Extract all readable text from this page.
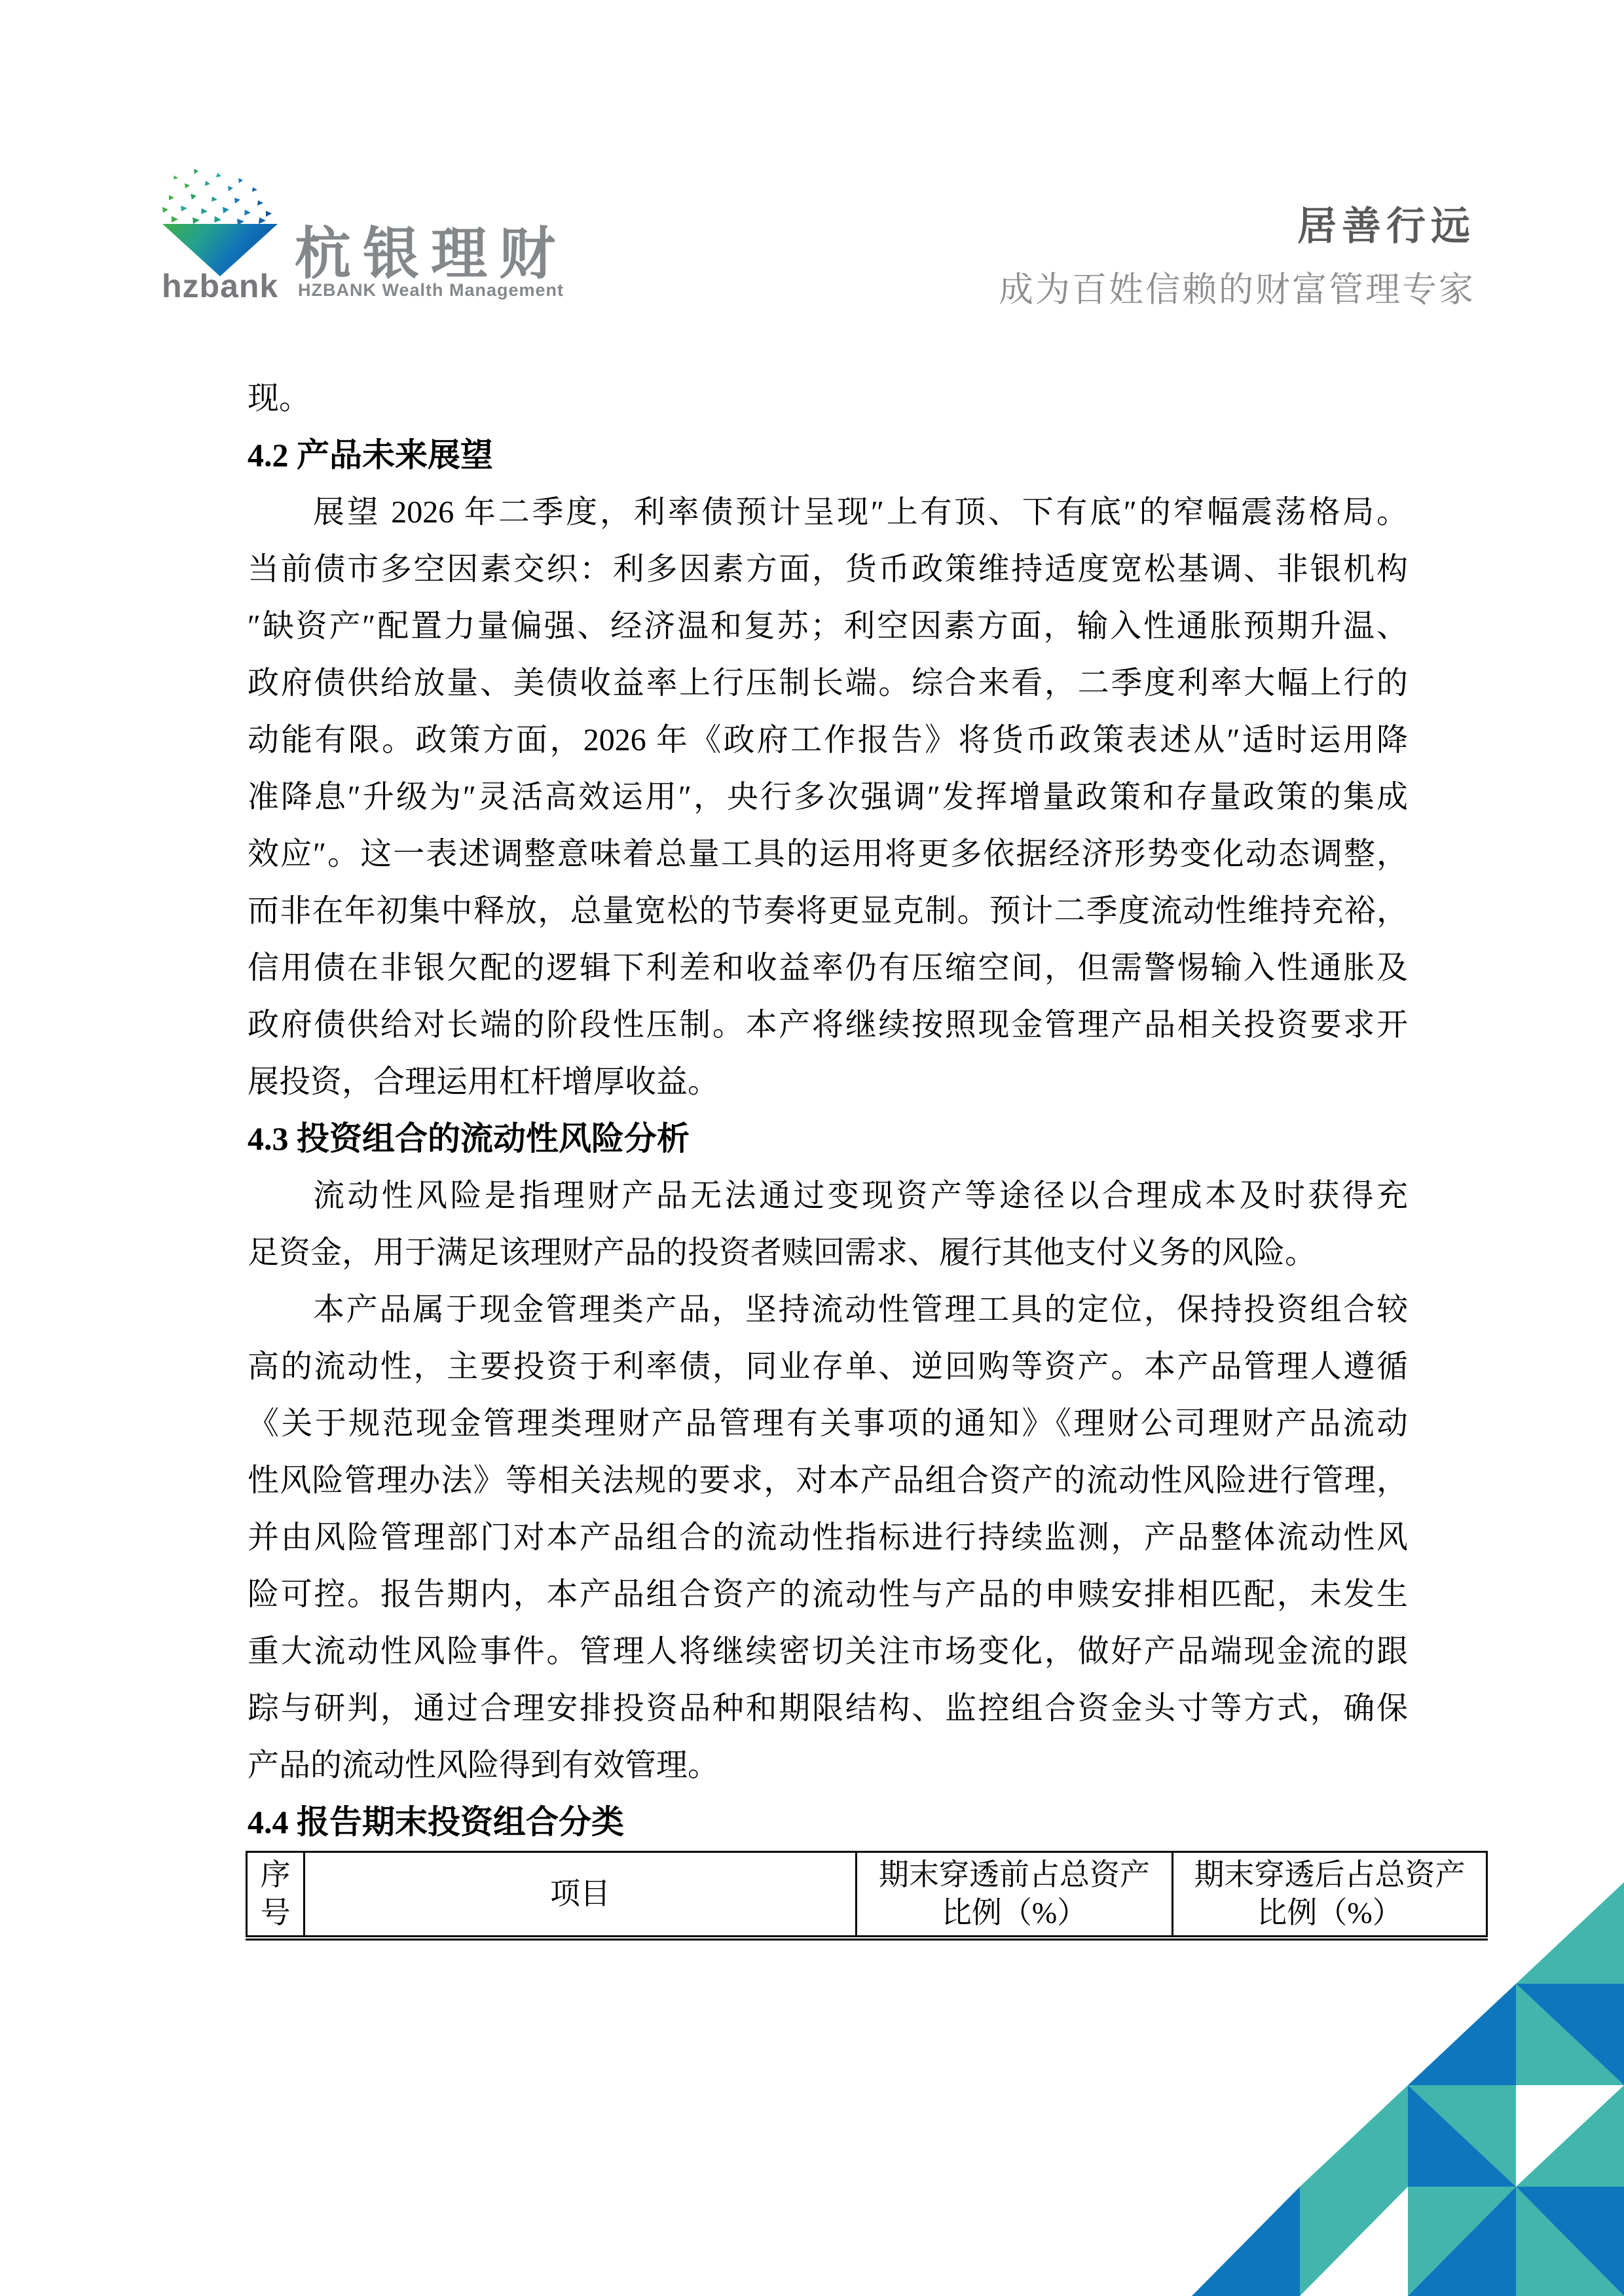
hzbank
杭银理财
HZBANK Wealth Management
居善行远
成为百姓信赖的财富管理专家
现。
4.2 产品未来展望
展望 2026 年二季度，利率债预计呈现″上有顶、下有底″的窄幅震荡格局。
当前债市多空因素交织：利多因素方面，货币政策维持适度宽松基调、非银机构
″缺资产″配置力量偏强、经济温和复苏；利空因素方面，输入性通胀预期升温、
政府债供给放量、美债收益率上行压制长端。综合来看，二季度利率大幅上行的
动能有限。政策方面，2026 年《政府工作报告》将货币政策表述从″适时运用降
准降息″升级为″灵活高效运用″，央行多次强调″发挥增量政策和存量政策的集成
效应″。这一表述调整意味着总量工具的运用将更多依据经济形势变化动态调整，
而非在年初集中释放，总量宽松的节奏将更显克制。预计二季度流动性维持充裕，
信用债在非银欠配的逻辑下利差和收益率仍有压缩空间，但需警惕输入性通胀及
政府债供给对长端的阶段性压制。本产将继续按照现金管理产品相关投资要求开
展投资，合理运用杠杆增厚收益。
4.3 投资组合的流动性风险分析
流动性风险是指理财产品无法通过变现资产等途径以合理成本及时获得充
足资金，用于满足该理财产品的投资者赎回需求、履行其他支付义务的风险。
本产品属于现金管理类产品，坚持流动性管理工具的定位，保持投资组合较
高的流动性，主要投资于利率债，同业存单、逆回购等资产。本产品管理人遵循
《关于规范现金管理类理财产品管理有关事项的通知》《理财公司理财产品流动
性风险管理办法》等相关法规的要求，对本产品组合资产的流动性风险进行管理，
并由风险管理部门对本产品组合的流动性指标进行持续监测，产品整体流动性风
险可控。报告期内，本产品组合资产的流动性与产品的申赎安排相匹配，未发生
重大流动性风险事件。管理人将继续密切关注市场变化，做好产品端现金流的跟
踪与研判，通过合理安排投资品种和期限结构、监控组合资金头寸等方式，确保
产品的流动性风险得到有效管理。
4.4 报告期末投资组合分类
序号	项目	期末穿透前占总资产比例（%）	期末穿透后占总资产比例（%）
